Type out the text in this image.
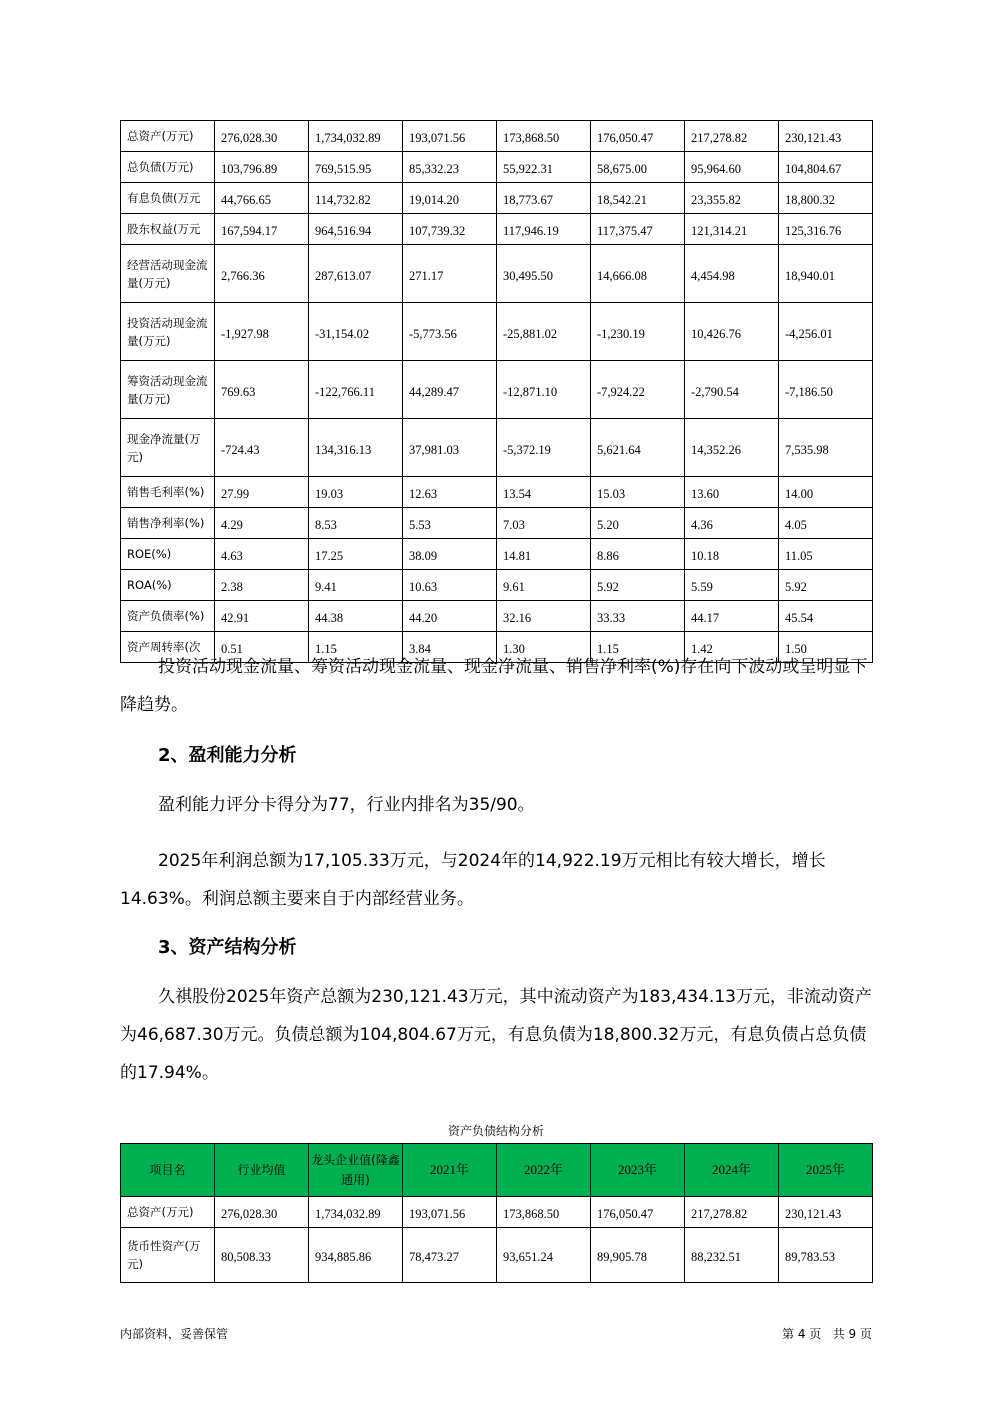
总资产(万元)	276,028.30	1,734,032.89	193,071.56	173,868.50	176,050.47	217,278.82	230,121.43
总负债(万元)	103,796.89	769,515.95	85,332.23	55,922.31	58,675.00	95,964.60	104,804.67
有息负债(万元	44,766.65	114,732.82	19,014.20	18,773.67	18,542.21	23,355.82	18,800.32
股东权益(万元	167,594.17	964,516.94	107,739.32	117,946.19	117,375.47	121,314.21	125,316.76
经营活动现金流量(万元)	2,766.36	287,613.07	271.17	30,495.50	14,666.08	4,454.98	18,940.01
投资活动现金流量(万元)	-1,927.98	-31,154.02	-5,773.56	-25,881.02	-1,230.19	10,426.76	-4,256.01
筹资活动现金流量(万元)	769.63	-122,766.11	44,289.47	-12,871.10	-7,924.22	-2,790.54	-7,186.50
现金净流量(万元)	-724.43	134,316.13	37,981.03	-5,372.19	5,621.64	14,352.26	7,535.98
销售毛利率(%)	27.99	19.03	12.63	13.54	15.03	13.60	14.00
销售净利率(%)	4.29	8.53	5.53	7.03	5.20	4.36	4.05
ROE(%)	4.63	17.25	38.09	14.81	8.86	10.18	11.05
ROA(%)	2.38	9.41	10.63	9.61	5.92	5.59	5.92
资产负债率(%)	42.91	44.38	44.20	32.16	33.33	44.17	45.54
资产周转率(次	0.51	1.15	3.84	1.30	1.15	1.42	1.50

投资活动现金流量、筹资活动现金流量、现金净流量、销售净利率(%)存在向下波动或呈明显下降趋势。

2、盈利能力分析

盈利能力评分卡得分为77，行业内排名为35/90。

2025年利润总额为17,105.33万元，与2024年的14,922.19万元相比有较大增长，增长14.63%。利润总额主要来自于内部经营业务。

3、资产结构分析

久祺股份2025年资产总额为230,121.43万元，其中流动资产为183,434.13万元，非流动资产为46,687.30万元。负债总额为104,804.67万元，有息负债为18,800.32万元，有息负债占总负债的17.94%。

资产负债结构分析
项目名	行业均值	龙头企业值(隆鑫通用)	2021年	2022年	2023年	2024年	2025年
总资产(万元)	276,028.30	1,734,032.89	193,071.56	173,868.50	176,050.47	217,278.82	230,121.43
货币性资产(万元)	80,508.33	934,885.86	78,473.27	93,651.24	89,905.78	88,232.51	89,783.53
内部资料，妥善保管	第 4 页   共 9 页
